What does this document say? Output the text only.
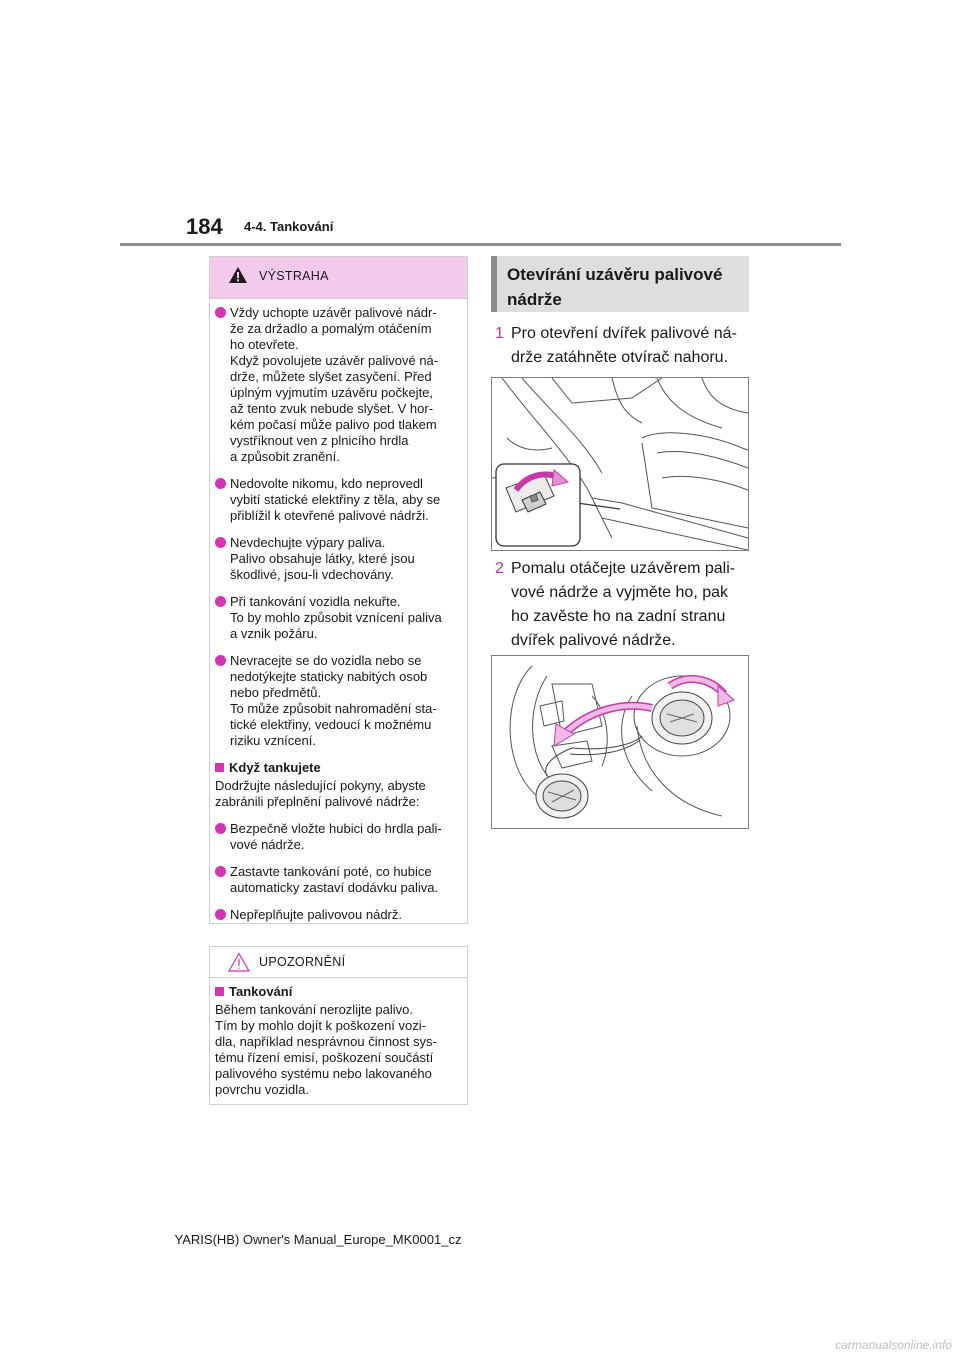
184 4-4. Tankování
VÝSTRAHA
Vždy uchopte uzávěr palivové nádr-
že za držadlo a pomalým otáčením
ho otevřete.
Když povolujete uzávěr palivové ná-
drže, můžete slyšet zasyčení. Před
úplným vyjmutím uzávěru počkejte,
až tento zvuk nebude slyšet. V hor-
kém počasí může palivo pod tlakem
vystříknout ven z plnicího hrdla
a způsobit zranění.
Nedovolte nikomu, kdo neprovedl
vybití statické elektřiny z těla, aby se
přiblížil k otevřené palivové nádrži.
Nevdechujte výpary paliva.
Palivo obsahuje látky, které jsou
škodlivé, jsou-li vdechovány.
Při tankování vozidla nekuřte.
To by mohlo způsobit vznícení paliva
a vznik požáru.
Nevracejte se do vozidla nebo se
nedotýkejte staticky nabitých osob
nebo předmětů.
To může způsobit nahromadění sta-
tické elektřiny, vedoucí k možnému
riziku vznícení.
Když tankujete
Dodržujte následující pokyny, abyste
zabránili přeplnění palivové nádrže:
Bezpečně vložte hubici do hrdla pali-
vové nádrže.
Zastavte tankování poté, co hubice
automaticky zastaví dodávku paliva.
Nepřeplňujte palivovou nádrž.
UPOZORNĚNÍ
Tankování
Během tankování nerozlijte palivo.
Tím by mohlo dojít k poškození vozi-
dla, například nesprávnou činnost sys-
tému řízení emisí, poškození součástí
palivového systému nebo lakovaného
povrchu vozidla.
Otevírání uzávěru palivové
nádrže
1 Pro otevření dvířek palivové ná-
drže zatáhněte otvírač nahoru.
2 Pomalu otáčejte uzávěrem pali-
vové nádrže a vyjměte ho, pak
ho zavěste ho na zadní stranu
dvířek palivové nádrže.
YARIS(HB) Owner's Manual_Europe_MK0001_cz
carmanualsonline.info
